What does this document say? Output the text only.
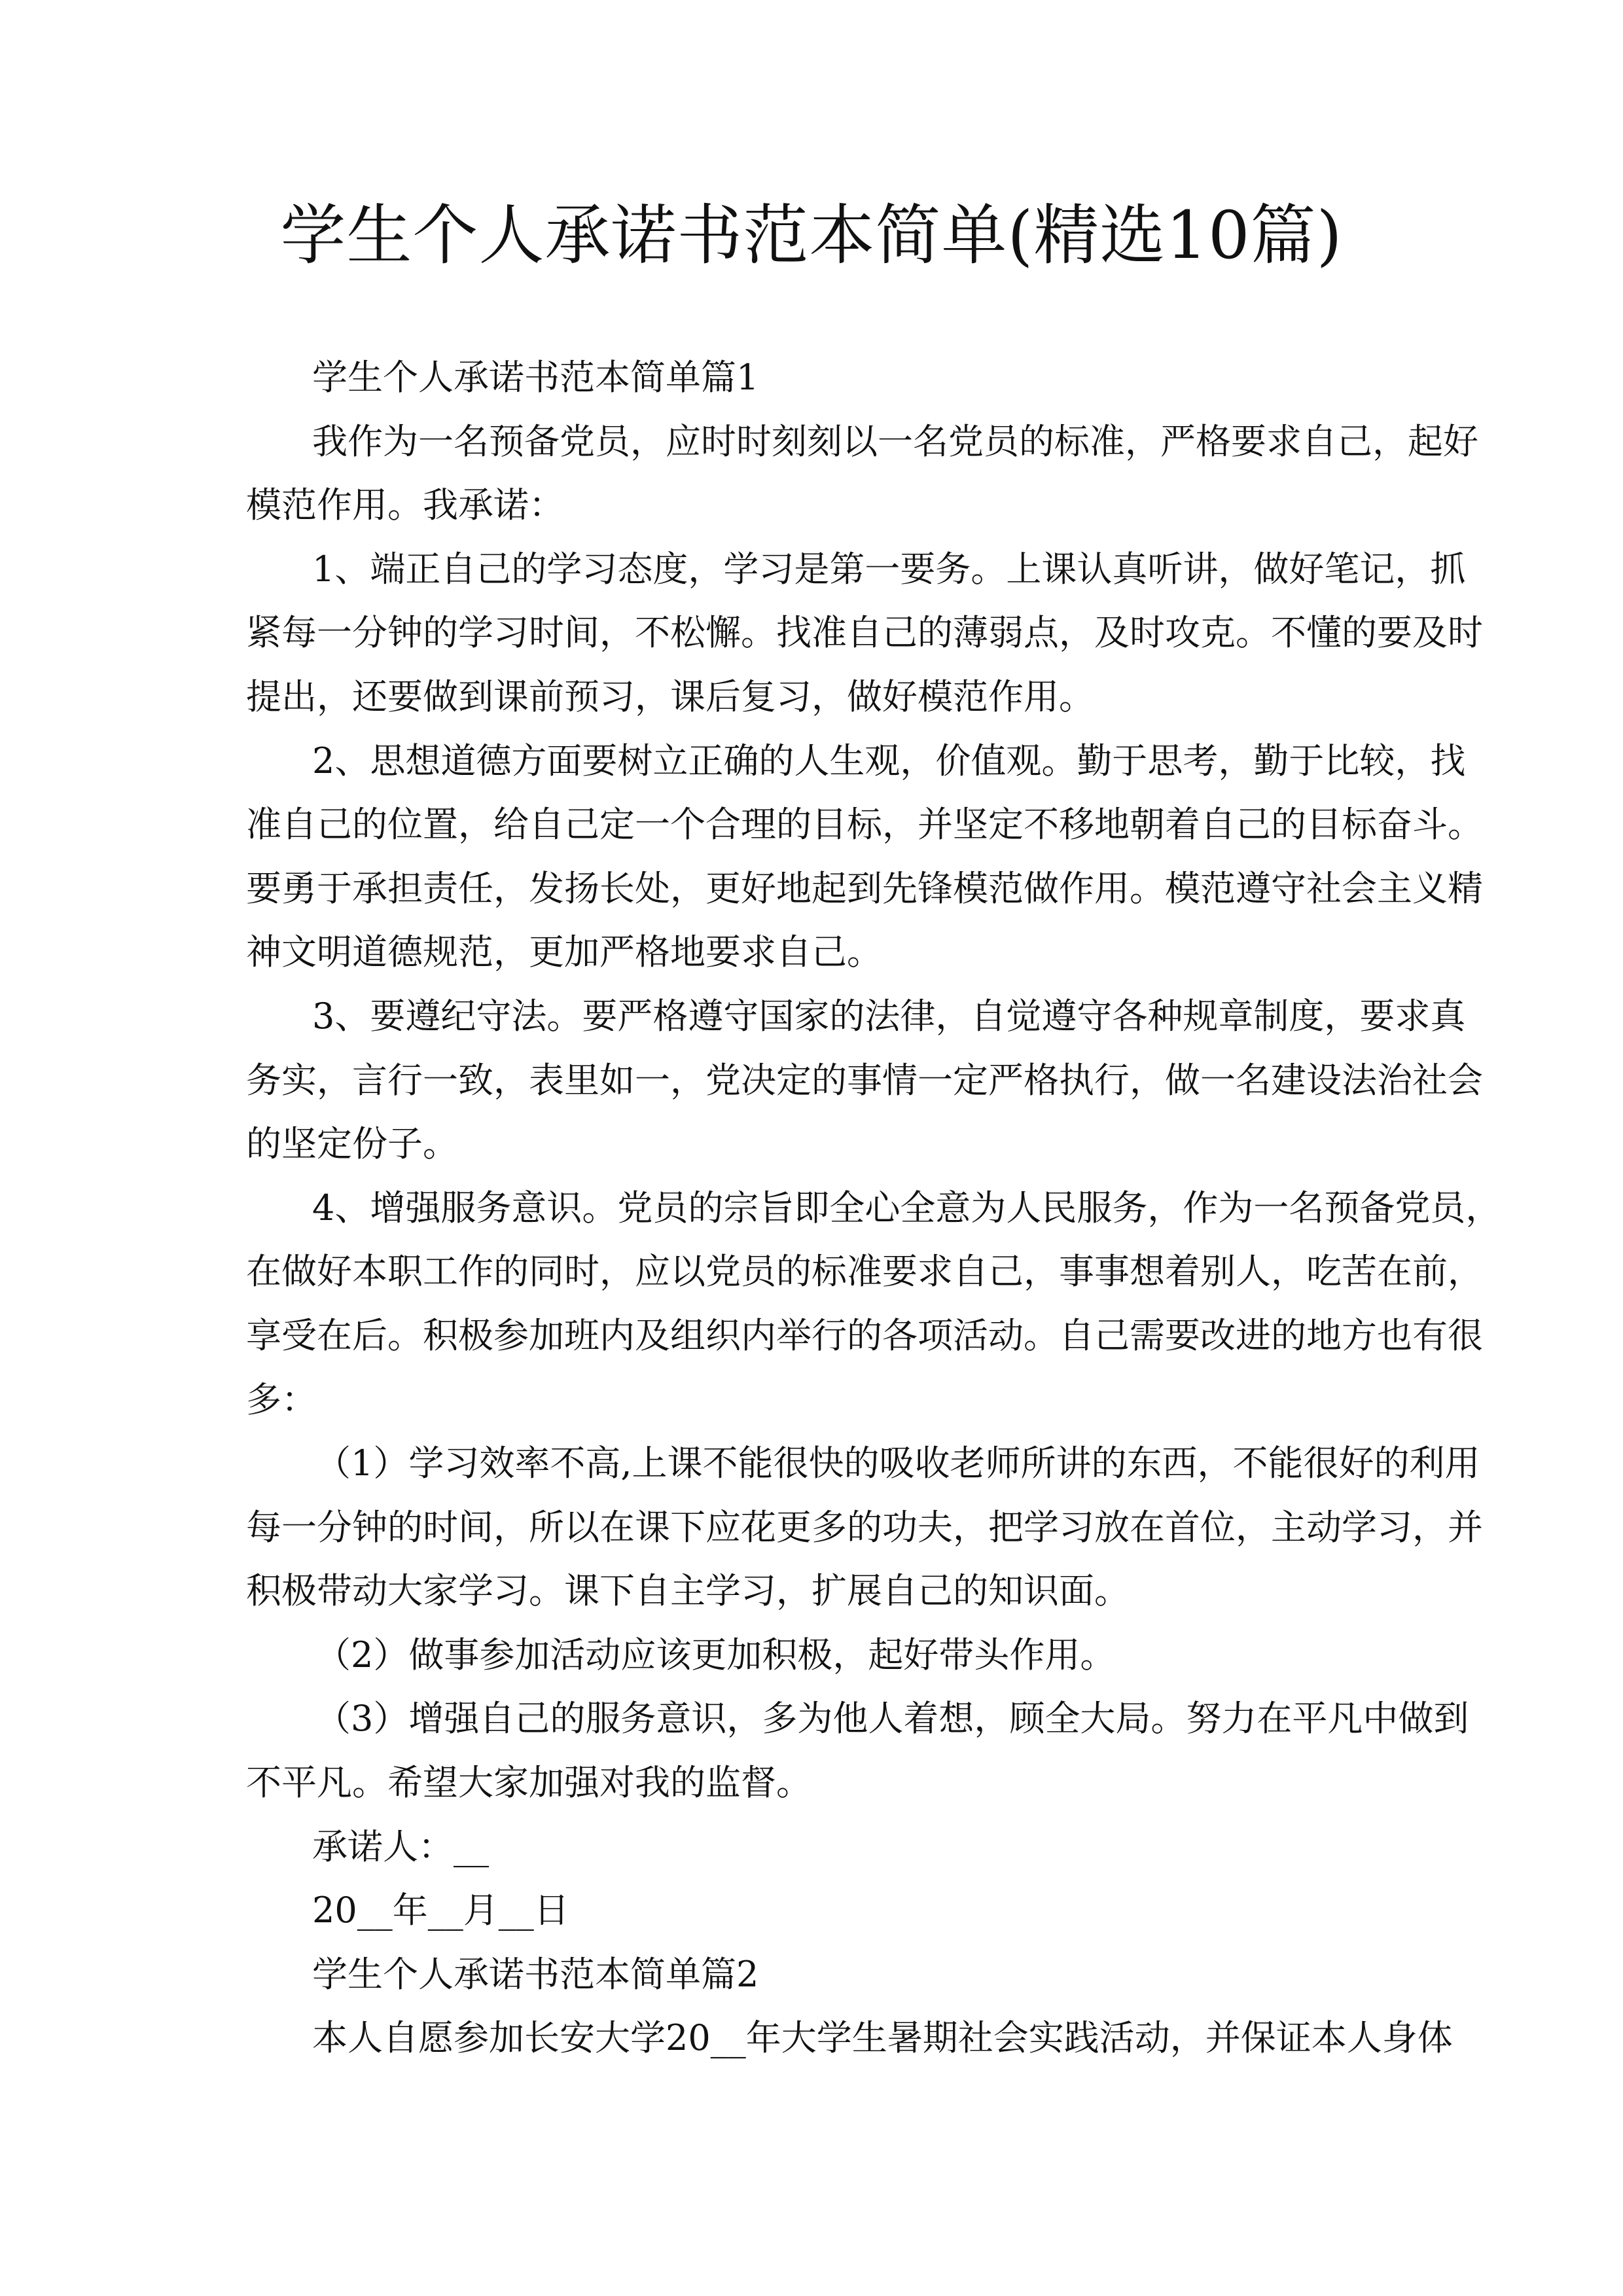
学生个人承诺书范本简单(精选10篇)
学生个人承诺书范本简单篇1
我作为一名预备党员，应时时刻刻以一名党员的标准，严格要求自己，起好
模范作用。我承诺：
1、端正自己的学习态度，学习是第一要务。上课认真听讲，做好笔记，抓
紧每一分钟的学习时间，不松懈。找准自己的薄弱点，及时攻克。不懂的要及时
提出，还要做到课前预习，课后复习，做好模范作用。
2、思想道德方面要树立正确的人生观，价值观。勤于思考，勤于比较，找
准自己的位置，给自己定一个合理的目标，并坚定不移地朝着自己的目标奋斗。
要勇于承担责任，发扬长处，更好地起到先锋模范做作用。模范遵守社会主义精
神文明道德规范，更加严格地要求自己。
3、要遵纪守法。要严格遵守国家的法律，自觉遵守各种规章制度，要求真
务实，言行一致，表里如一，党决定的事情一定严格执行，做一名建设法治社会
的坚定份子。
4、增强服务意识。党员的宗旨即全心全意为人民服务，作为一名预备党员，
在做好本职工作的同时，应以党员的标准要求自己，事事想着别人，吃苦在前，
享受在后。积极参加班内及组织内举行的各项活动。自己需要改进的地方也有很
多：
（1）学习效率不高,上课不能很快的吸收老师所讲的东西，不能很好的利用
每一分钟的时间，所以在课下应花更多的功夫，把学习放在首位，主动学习，并
积极带动大家学习。课下自主学习，扩展自己的知识面。
（2）做事参加活动应该更加积极，起好带头作用。
（3）增强自己的服务意识，多为他人着想，顾全大局。努力在平凡中做到
不平凡。希望大家加强对我的监督。
承诺人：__
20__年__月__日
学生个人承诺书范本简单篇2
本人自愿参加长安大学20__年大学生暑期社会实践活动，并保证本人身体
